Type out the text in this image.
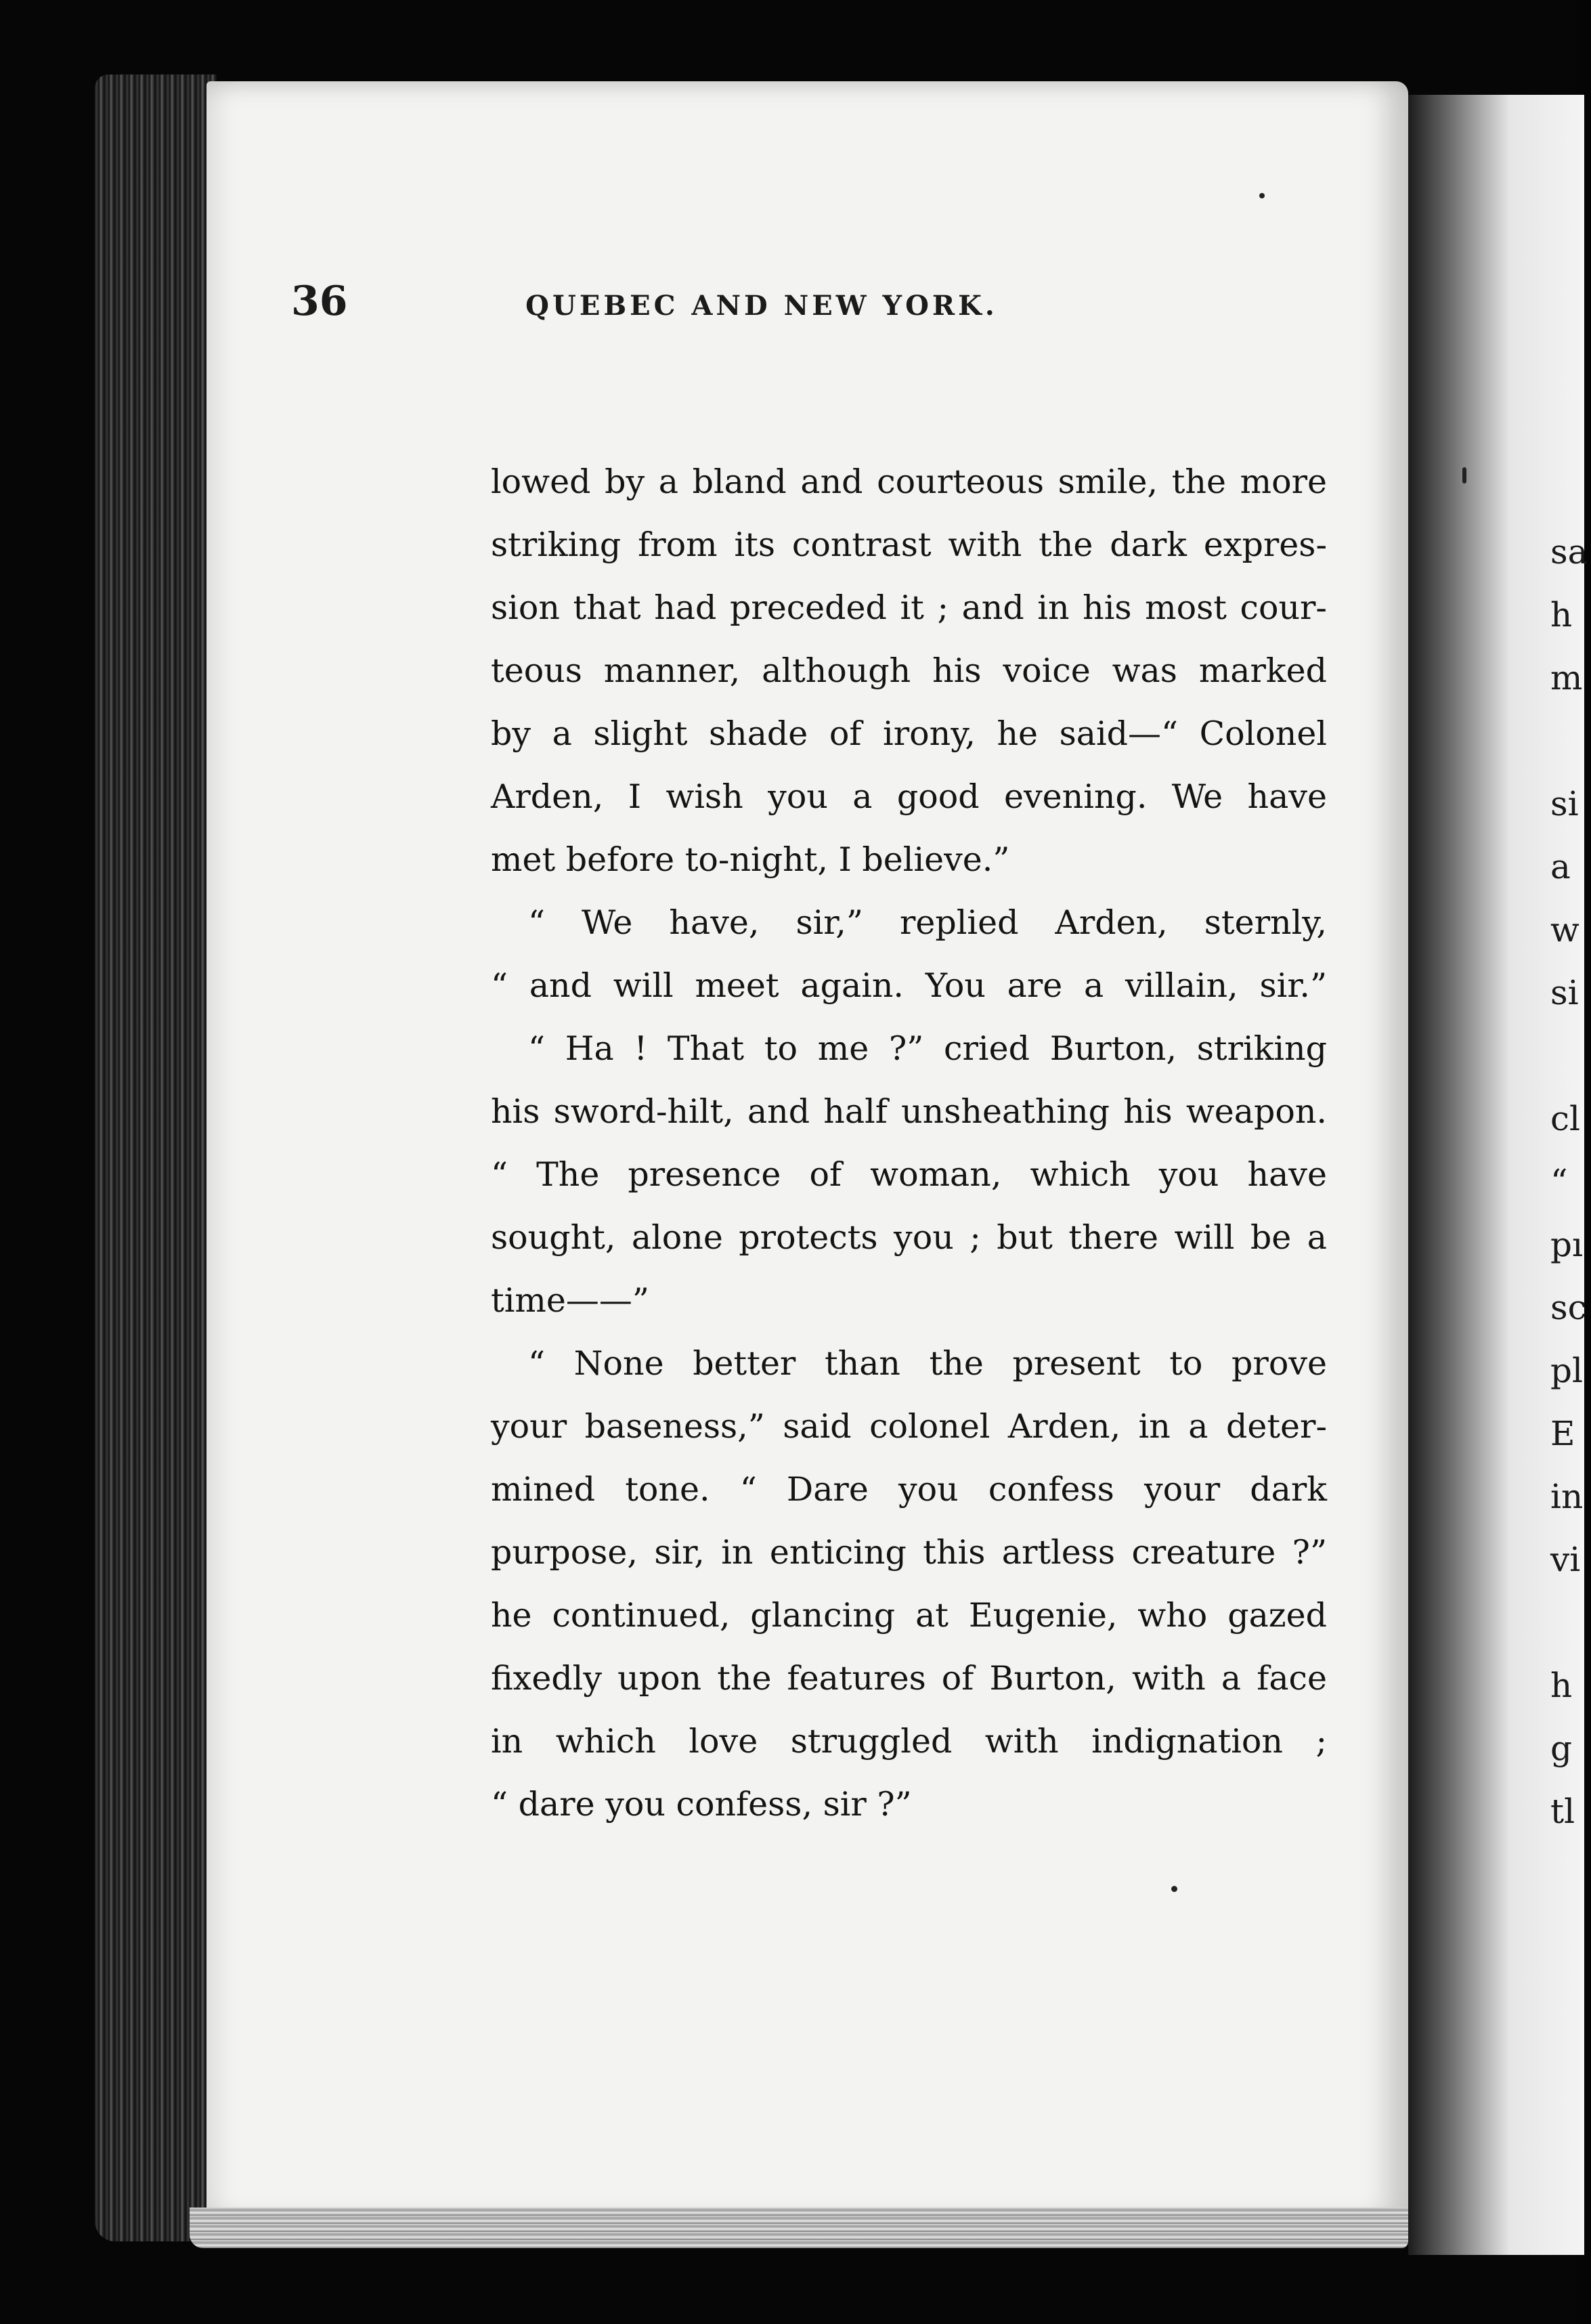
sa
h
m
si
a
w
si
cl
“
pı
sc
pl
E
in
vi
h
g
tl
36	QUEBEC AND NEW YORK.
lowed by a bland and courteous smile, the more
striking from its contrast with the dark expres-
sion that had preceded it ; and in his most cour-
teous manner, although his voice was marked
by a slight shade of irony, he said—“ Colonel
Arden, I wish you a good evening. We have
met before to-night, I believe.”
“ We have, sir,” replied Arden, sternly,
“ and will meet again. You are a villain, sir.”
“ Ha ! That to me ?” cried Burton, striking
his sword-hilt, and half unsheathing his weapon.
“ The presence of woman, which you have
sought, alone protects you ; but there will be a
time——”
“ None better than the present to prove
your baseness,” said colonel Arden, in a deter-
mined tone. “ Dare you confess your dark
purpose, sir, in enticing this artless creature ?”
he continued, glancing at Eugenie, who gazed
fixedly upon the features of Burton, with a face
in which love struggled with indignation ;
“ dare you confess, sir ?”
